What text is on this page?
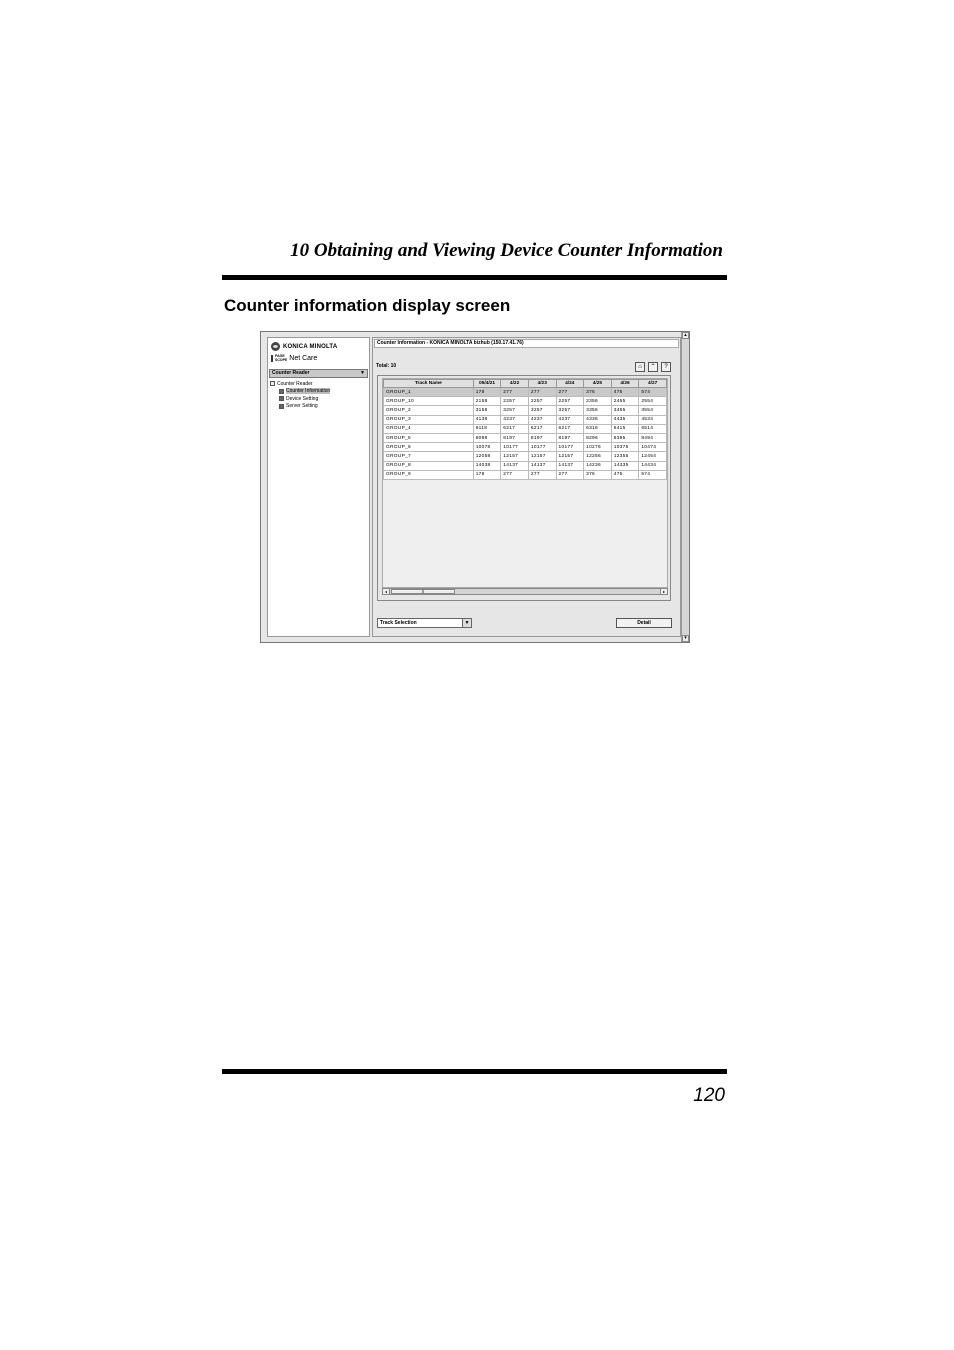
10 Obtaining and Viewing Device Counter Information
Counter information display screen
▴
▾
KONICA MINOLTA
PAGE
SCOPE Net Care
Counter Reader	▼
Counter Reader
Counter Information
Device Setting
Server Setting
Counter Information - KONICA MINOLTA bizhub (150.17.41.76)
Total: 10	⌂	⌃	?
Track Name	05/4/21	4/22	4/23	4/24	4/25	4/26	4/27
GROUP_1	178	277	277	277	376	475	574
GROUP_10	2158	2257	2257	2257	2356	2455	2554
GROUP_2	3158	3257	3257	3257	3356	3455	3554
GROUP_3	4138	4237	4237	4237	4336	4435	4534
GROUP_4	6118	6217	6217	6217	6316	6415	6514
GROUP_5	8098	8197	8197	8197	8296	8395	8494
GROUP_6	10078	10177	10177	10177	10276	10375	10474
GROUP_7	12058	12157	12157	12157	12256	12355	12454
GROUP_8	14038	14137	14137	14137	14236	14335	14434
GROUP_9	178	277	277	277	376	475	574
◂	⦀	▸
Track Selection	▼	Detail
120
